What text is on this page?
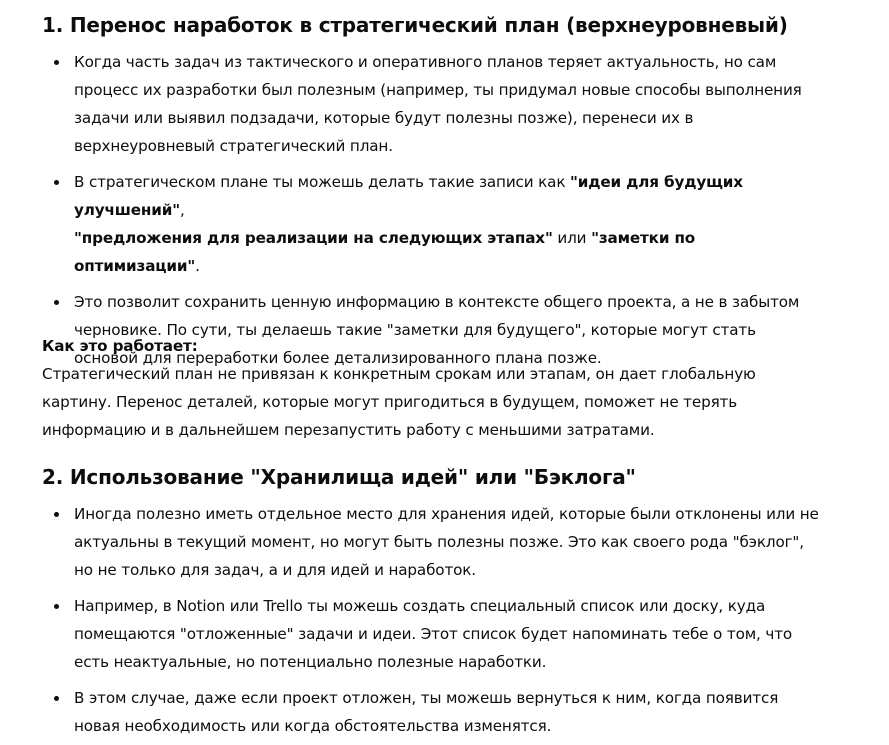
1. Перенос наработок в стратегический план (верхнеуровневый)
Когда часть задач из тактического и оперативного планов теряет актуальность, но сам процесс их разработки был полезным (например, ты придумал новые способы выполнения задачи или выявил подзадачи, которые будут полезны позже), перенеси их в верхнеуровневый стратегический план.
В стратегическом плане ты можешь делать такие записи как "идеи для будущих улучшений",
"предложения для реализации на следующих этапах" или "заметки по оптимизации".
Это позволит сохранить ценную информацию в контексте общего проекта, а не в забытом черновике. По сути, ты делаешь такие "заметки для будущего", которые могут стать основой для переработки более детализированного плана позже.

Как это работает:

Стратегический план не привязан к конкретным срокам или этапам, он дает глобальную картину. Перенос деталей, которые могут пригодиться в будущем, поможет не терять информацию и в дальнейшем перезапустить работу с меньшими затратами.

2. Использование "Хранилища идей" или "Бэклога"
Иногда полезно иметь отдельное место для хранения идей, которые были отклонены или не актуальны в текущий момент, но могут быть полезны позже. Это как своего рода "бэклог", но не только для задач, а и для идей и наработок.
Например, в Notion или Trello ты можешь создать специальный список или доску, куда помещаются "отложенные" задачи и идеи. Этот список будет напоминать тебе о том, что есть неактуальные, но потенциально полезные наработки.
В этом случае, даже если проект отложен, ты можешь вернуться к ним, когда появится новая необходимость или когда обстоятельства изменятся.
